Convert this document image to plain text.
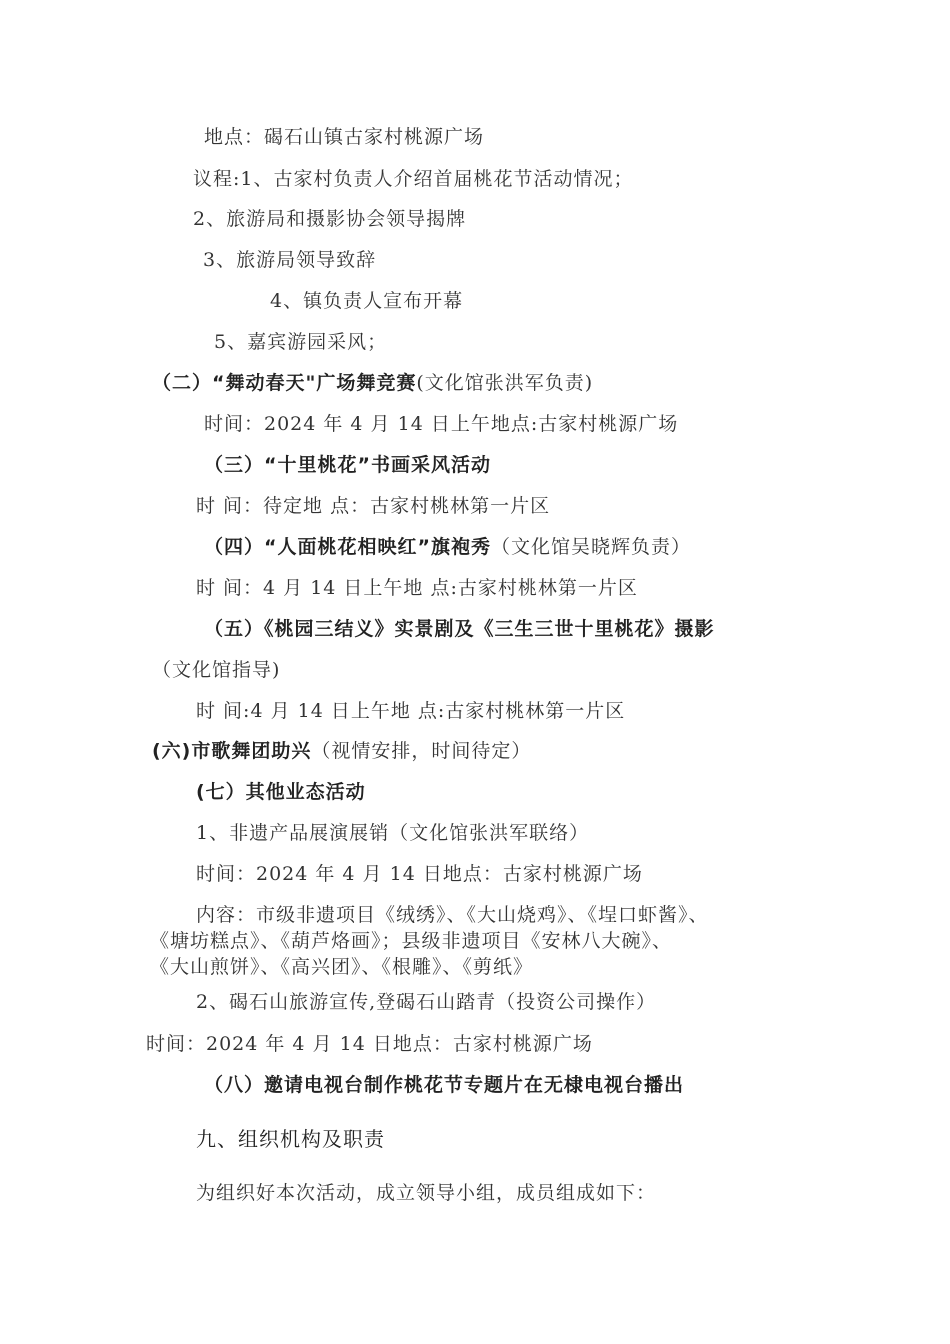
地点：碣石山镇古家村桃源广场
议程:1、古家村负责人介绍首届桃花节活动情况；
2、旅游局和摄影协会领导揭牌
3、旅游局领导致辞
4、镇负责人宣布开幕
5、嘉宾游园采风；
（二）“舞动春天"广场舞竞赛(文化馆张洪军负责)
时间：2024 年 4 月 14 日上午地点:古家村桃源广场
（三）“十里桃花”书画采风活动
时 间：待定地 点：古家村桃林第一片区
（四）“人面桃花相映红”旗袍秀（文化馆吴晓辉负责）
时 间：4 月 14 日上午地 点:古家村桃林第一片区
（五）《桃园三结义》实景剧及《三生三世十里桃花》摄影
（文化馆指导)
时 间:4 月 14 日上午地 点:古家村桃林第一片区
(六)市歌舞团助兴（视情安排，时间待定）
(七）其他业态活动
1、非遗产品展演展销（文化馆张洪军联络）
时间：2024 年 4 月 14 日地点：古家村桃源广场
内容：市级非遗项目《绒绣》、《大山烧鸡》、《埕口虾酱》、
《塘坊糕点》、《葫芦烙画》；县级非遗项目《安林八大碗》、
《大山煎饼》、《高兴团》、《根雕》、《剪纸》
2、碣石山旅游宣传,登碣石山踏青（投资公司操作）
时间：2024 年 4 月 14 日地点：古家村桃源广场
（八）邀请电视台制作桃花节专题片在无棣电视台播出
九、组织机构及职责
为组织好本次活动，成立领导小组，成员组成如下：
